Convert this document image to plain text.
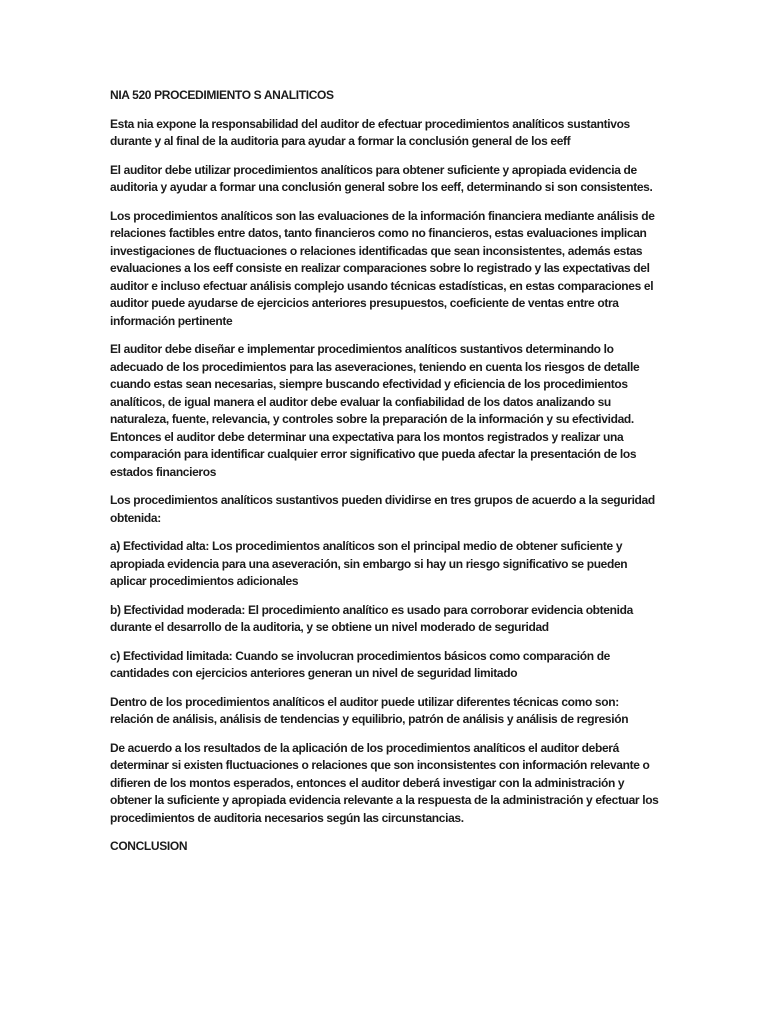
NIA 520 PROCEDIMIENTO S ANALITICOS

Esta nia expone la responsabilidad del auditor de efectuar procedimientos analíticos sustantivos durante y al final de la auditoria para ayudar a formar la conclusión general de los eeff

El auditor debe utilizar procedimientos analíticos para obtener suficiente y apropiada evidencia de auditoria y ayudar a formar una conclusión general sobre los eeff, determinando si son consistentes.

Los procedimientos analíticos son las evaluaciones de la información financiera mediante análisis de relaciones factibles entre datos, tanto financieros como no financieros, estas evaluaciones implican investigaciones de fluctuaciones o relaciones identificadas que sean inconsistentes, además estas evaluaciones a los eeff consiste en realizar comparaciones sobre lo registrado y las expectativas del auditor e incluso efectuar análisis complejo usando técnicas estadísticas, en estas comparaciones el auditor puede ayudarse de ejercicios anteriores presupuestos, coeficiente de ventas entre otra información pertinente

El auditor debe diseñar e implementar procedimientos analíticos sustantivos determinando lo adecuado de los procedimientos para las aseveraciones, teniendo en cuenta los riesgos de detalle cuando estas sean necesarias, siempre buscando efectividad y eficiencia de los procedimientos analíticos, de igual manera el auditor debe evaluar la confiabilidad de los datos analizando su naturaleza, fuente, relevancia, y controles sobre la preparación de la información y su efectividad. Entonces el auditor debe determinar una expectativa para los montos registrados y realizar una comparación para identificar cualquier error significativo que pueda afectar la presentación de los estados financieros

Los procedimientos analíticos sustantivos pueden dividirse en tres grupos de acuerdo a la seguridad obtenida:

a) Efectividad alta: Los procedimientos analíticos son el principal medio de obtener suficiente y apropiada evidencia para una aseveración, sin embargo si hay un riesgo significativo se pueden aplicar procedimientos adicionales

b) Efectividad moderada: El procedimiento analítico es usado para corroborar evidencia obtenida durante el desarrollo de la auditoria, y se obtiene un nivel moderado de seguridad

c) Efectividad limitada: Cuando se involucran procedimientos básicos como comparación de cantidades con ejercicios anteriores generan un nivel de seguridad limitado

Dentro de los procedimientos analíticos el auditor puede utilizar diferentes técnicas como son: relación de análisis, análisis de tendencias y equilibrio, patrón de análisis y análisis de regresión

De acuerdo a los resultados de la aplicación de los procedimientos analíticos el auditor deberá determinar si existen fluctuaciones o relaciones que son inconsistentes con información relevante o difieren de los montos esperados, entonces el auditor deberá investigar con la administración y obtener la suficiente y apropiada evidencia relevante a la respuesta de la administración y efectuar los procedimientos de auditoria necesarios según las circunstancias.

CONCLUSION
